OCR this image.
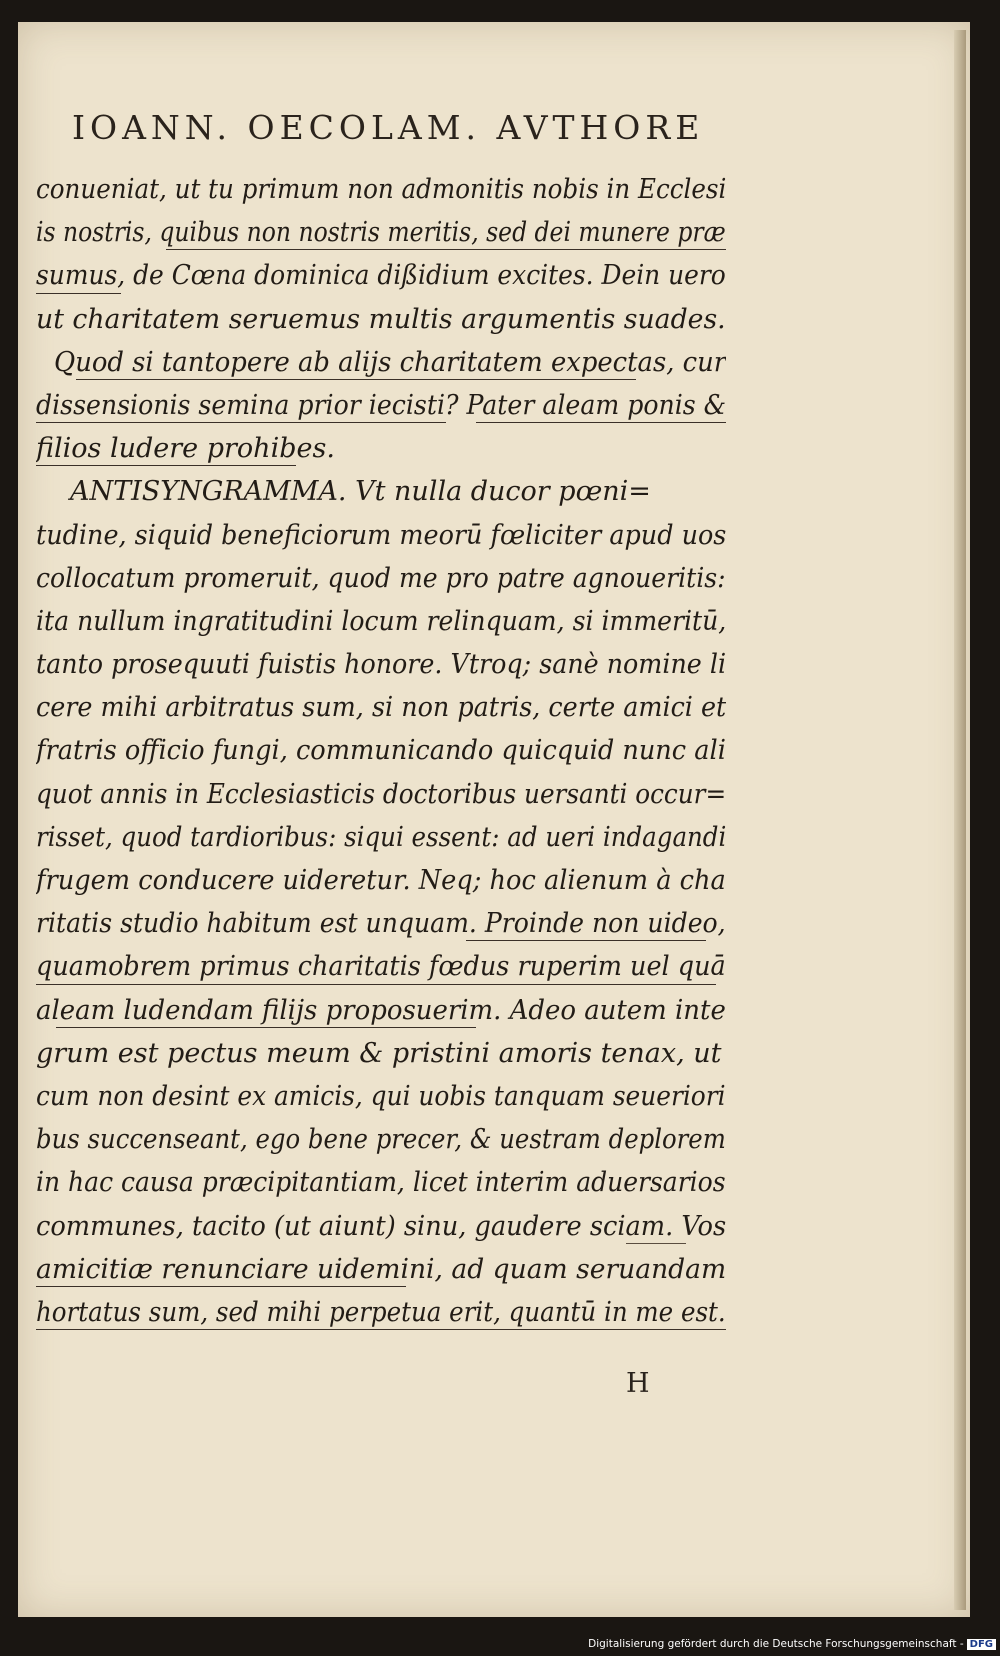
IOANN. OECOLAM. AVTHORE
conueniat, ut tu primum non admonitis nobis in Ecclesi
is nostris, quibus non nostris meritis, sed dei munere præ
sumus, de Cœna dominica dißidium excites. Dein uero
ut charitatem seruemus multis argumentis suades.
Quod si tantopere ab alijs charitatem expectas, cur
dissensionis semina prior iecisti? Pater aleam ponis &
filios ludere prohibes.
ANTISYNGRAMMA. Vt nulla ducor pœni=
tudine, siquid beneficiorum meorū fœliciter apud uos
collocatum promeruit, quod me pro patre agnoueritis:
ita nullum ingratitudini locum relinquam, si immeritū,
tanto prosequuti fuistis honore. Vtroq; sanè nomine li
cere mihi arbitratus sum, si non patris, certe amici et
fratris officio fungi, communicando quicquid nunc ali
quot annis in Ecclesiasticis doctoribus uersanti occur=
risset, quod tardioribus: siqui essent: ad ueri indagandi
frugem conducere uideretur. Neq; hoc alienum à cha
ritatis studio habitum est unquam. Proinde non uideo,
quamobrem primus charitatis fœdus ruperim uel quā
aleam ludendam filijs proposuerim. Adeo autem inte
grum est pectus meum & pristini amoris tenax, ut
cum non desint ex amicis, qui uobis tanquam seueriori
bus succenseant, ego bene precer, & uestram deplorem
in hac causa præcipitantiam, licet interim aduersarios
communes, tacito (ut aiunt) sinu, gaudere sciam. Vos
amicitiæ renunciare uidemini, ad quam seruandam
hortatus sum, sed mihi perpetua erit, quantū in me est.
H
Digitalisierung gefördert durch die Deutsche Forschungsgemeinschaft - DFG
